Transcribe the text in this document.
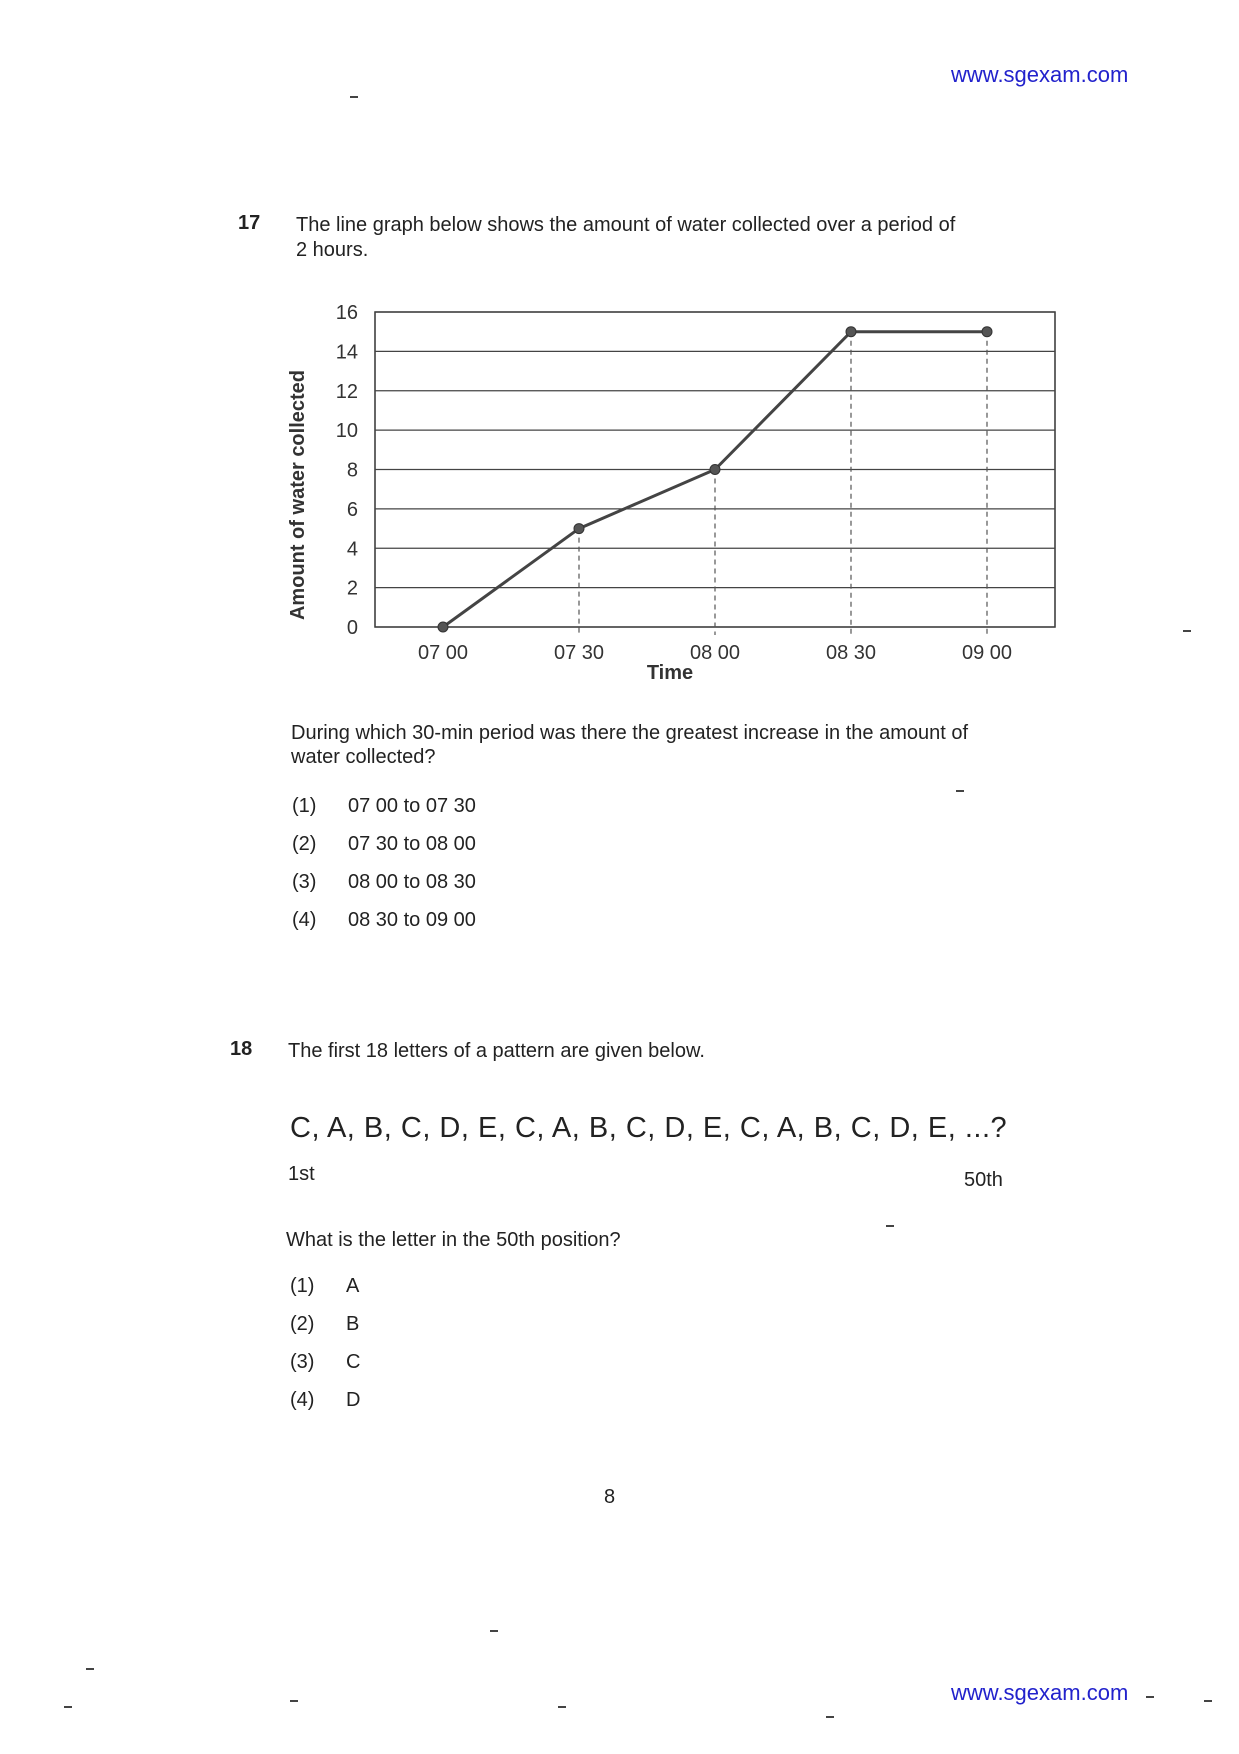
www.sgexam.com
17 The line graph below shows the amount of water collected over a period of
2 hours.
0
2
4
6
8
10
12
14
16
07 00	07 30	08 00	08 30	09 00
Amount of water collected
Time
During which 30-min period was there the greatest increase in the amount of
water collected?
(1) 07 00 to 07 30
(2) 07 30 to 08 00
(3) 08 00 to 08 30
(4) 08 30 to 09 00
18 The first 18 letters of a pattern are given below.
C, A, B, C, D, E, C, A, B, C, D, E, C, A, B, C, D, E, ...?
1st	50th
What is the letter in the 50th position?
(1) A
(2) B
(3) C
(4) D
8
www.sgexam.com
